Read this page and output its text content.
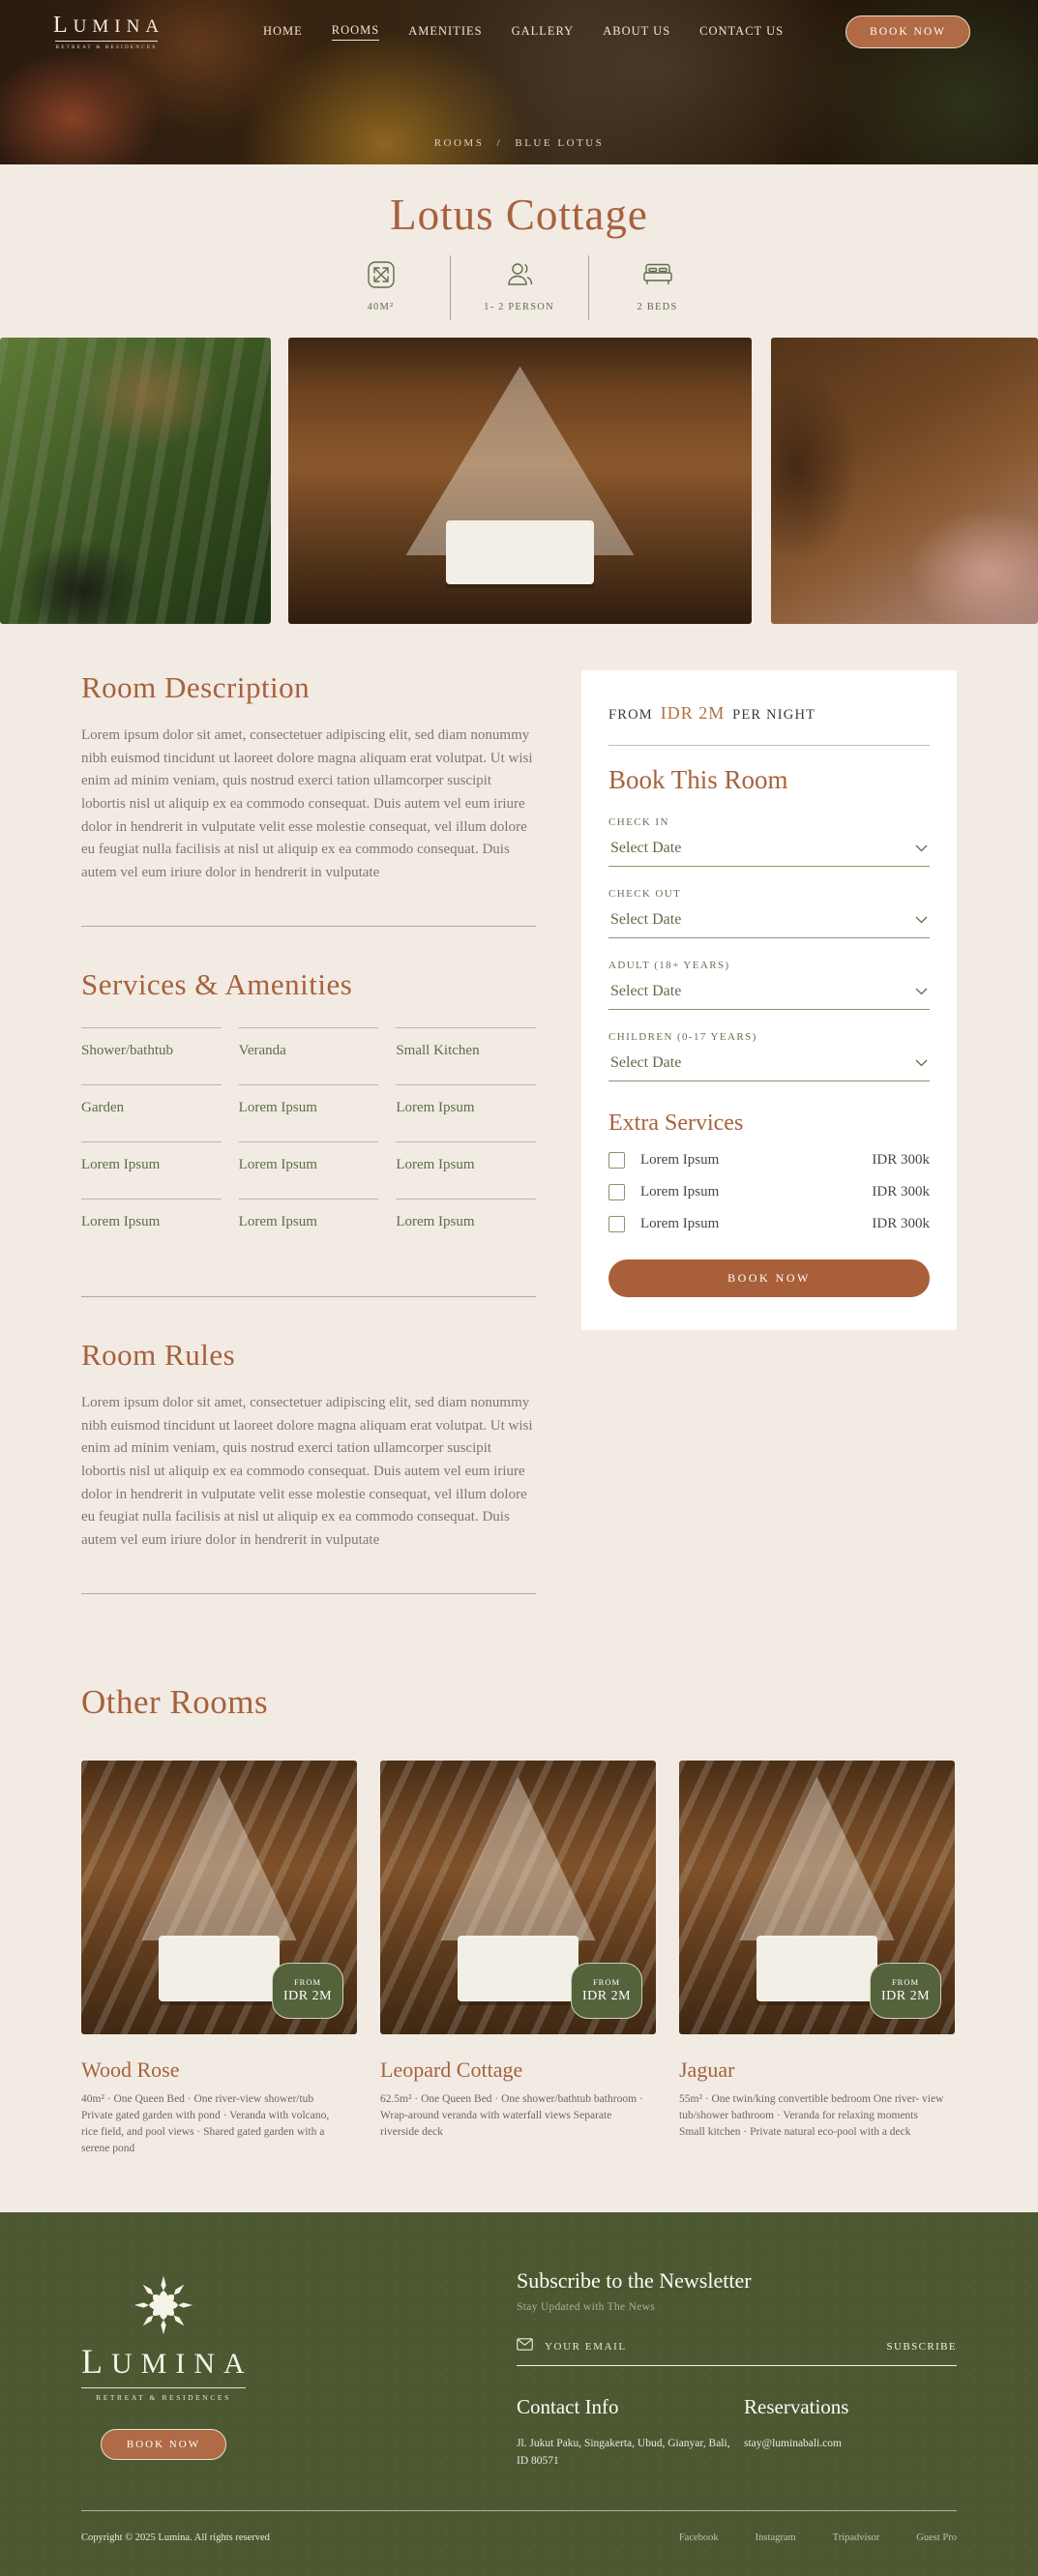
LUMINA
RETREAT & RESIDENCES
HOME ROOMS AMENITIES GALLERY ABOUT US CONTACT US	BOOK NOW
ROOMS / BLUE LOTUS
Lotus Cottage
40M²	1- 2 PERSON	2 BEDS
Room Description

Lorem ipsum dolor sit amet, consectetuer adipiscing elit, sed diam nonummy nibh euismod tincidunt ut laoreet dolore magna aliquam erat volutpat. Ut wisi enim ad minim veniam, quis nostrud exerci tation ullamcorper suscipit lobortis nisl ut aliquip ex ea commodo consequat. Duis autem vel eum iriure dolor in hendrerit in vulputate velit esse molestie consequat, vel illum dolore eu feugiat nulla facilisis at nisl ut aliquip ex ea commodo consequat. Duis autem vel eum iriure dolor in hendrerit in vulputate

Services & Amenities
Shower/bathtub	Veranda	Small Kitchen
Garden	Lorem Ipsum	Lorem Ipsum
Lorem Ipsum	Lorem Ipsum	Lorem Ipsum
Lorem Ipsum	Lorem Ipsum	Lorem Ipsum
Room Rules

Lorem ipsum dolor sit amet, consectetuer adipiscing elit, sed diam nonummy nibh euismod tincidunt ut laoreet dolore magna aliquam erat volutpat. Ut wisi enim ad minim veniam, quis nostrud exerci tation ullamcorper suscipit lobortis nisl ut aliquip ex ea commodo consequat. Duis autem vel eum iriure dolor in hendrerit in vulputate velit esse molestie consequat, vel illum dolore eu feugiat nulla facilisis at nisl ut aliquip ex ea commodo consequat. Duis autem vel eum iriure dolor in hendrerit in vulputate

FROM IDR 2M PER NIGHT
Book This Room
CHECK IN
Select Date
CHECK OUT
Select Date
ADULT (18+ YEARS)
Select Date
CHILDREN (0-17 YEARS)
Select Date
Extra Services
Lorem Ipsum	IDR 300k
Lorem Ipsum	IDR 300k
Lorem Ipsum	IDR 300k
BOOK NOW
Other Rooms
FROM
IDR 2M
Wood Rose

40m² · One Queen Bed · One river-view shower/tub Private gated garden with pond · Veranda with volcano, rice field, and pool views · Shared gated garden with a serene pond

FROM
IDR 2M
Leopard Cottage

62.5m² · One Queen Bed · One shower/bathtub bathroom · Wrap-around veranda with waterfall views Separate riverside deck

FROM
IDR 2M
Jaguar

55m² · One twin/king convertible bedroom One river- view tub/shower bathroom · Veranda for relaxing moments Small kitchen · Private natural eco-pool with a deck

LUMINA
RETREAT & RESIDENCES
BOOK NOW
Subscribe to the Newsletter
Stay Updated with The News
YOUR EMAIL
SUBSCRIBE
Contact Info

Jl. Jukut Paku, Singakerta, Ubud, Gianyar, Bali, ID 80571

Reservations

stay@luminabali.com

Copyright © 2025 Lumina. All rights reserved	Facebook	Instagram	Tripadvisor	Guest Pro
